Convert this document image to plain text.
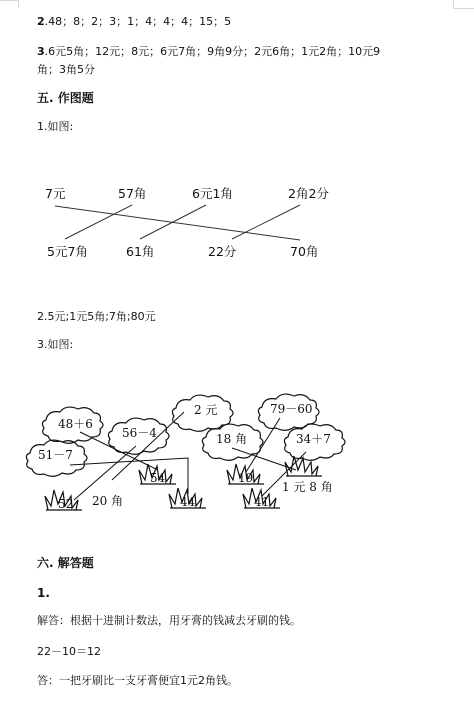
2.48；8；2；3；1；4；4；4；15；5
3.6元5角；12元；8元；6元7角；9角9分；2元6角；1元2角；10元9
角；3角5分
五. 作图题
1.如图:
7元	57角	6元1角	2角2分
5元7角	61角	22分	70角
2.5元;1元5角;7角;80元
3.如图:
48＋6
56－4
51－7
2 元	79－60
18 角	34＋7
54
52	44
19
41
20 角
1 元 8 角
六. 解答题
1.
解答：根据十进制计数法，用牙膏的钱减去牙刷的钱。
22－10＝12
答：一把牙刷比一支牙膏便宜1元2角钱。
